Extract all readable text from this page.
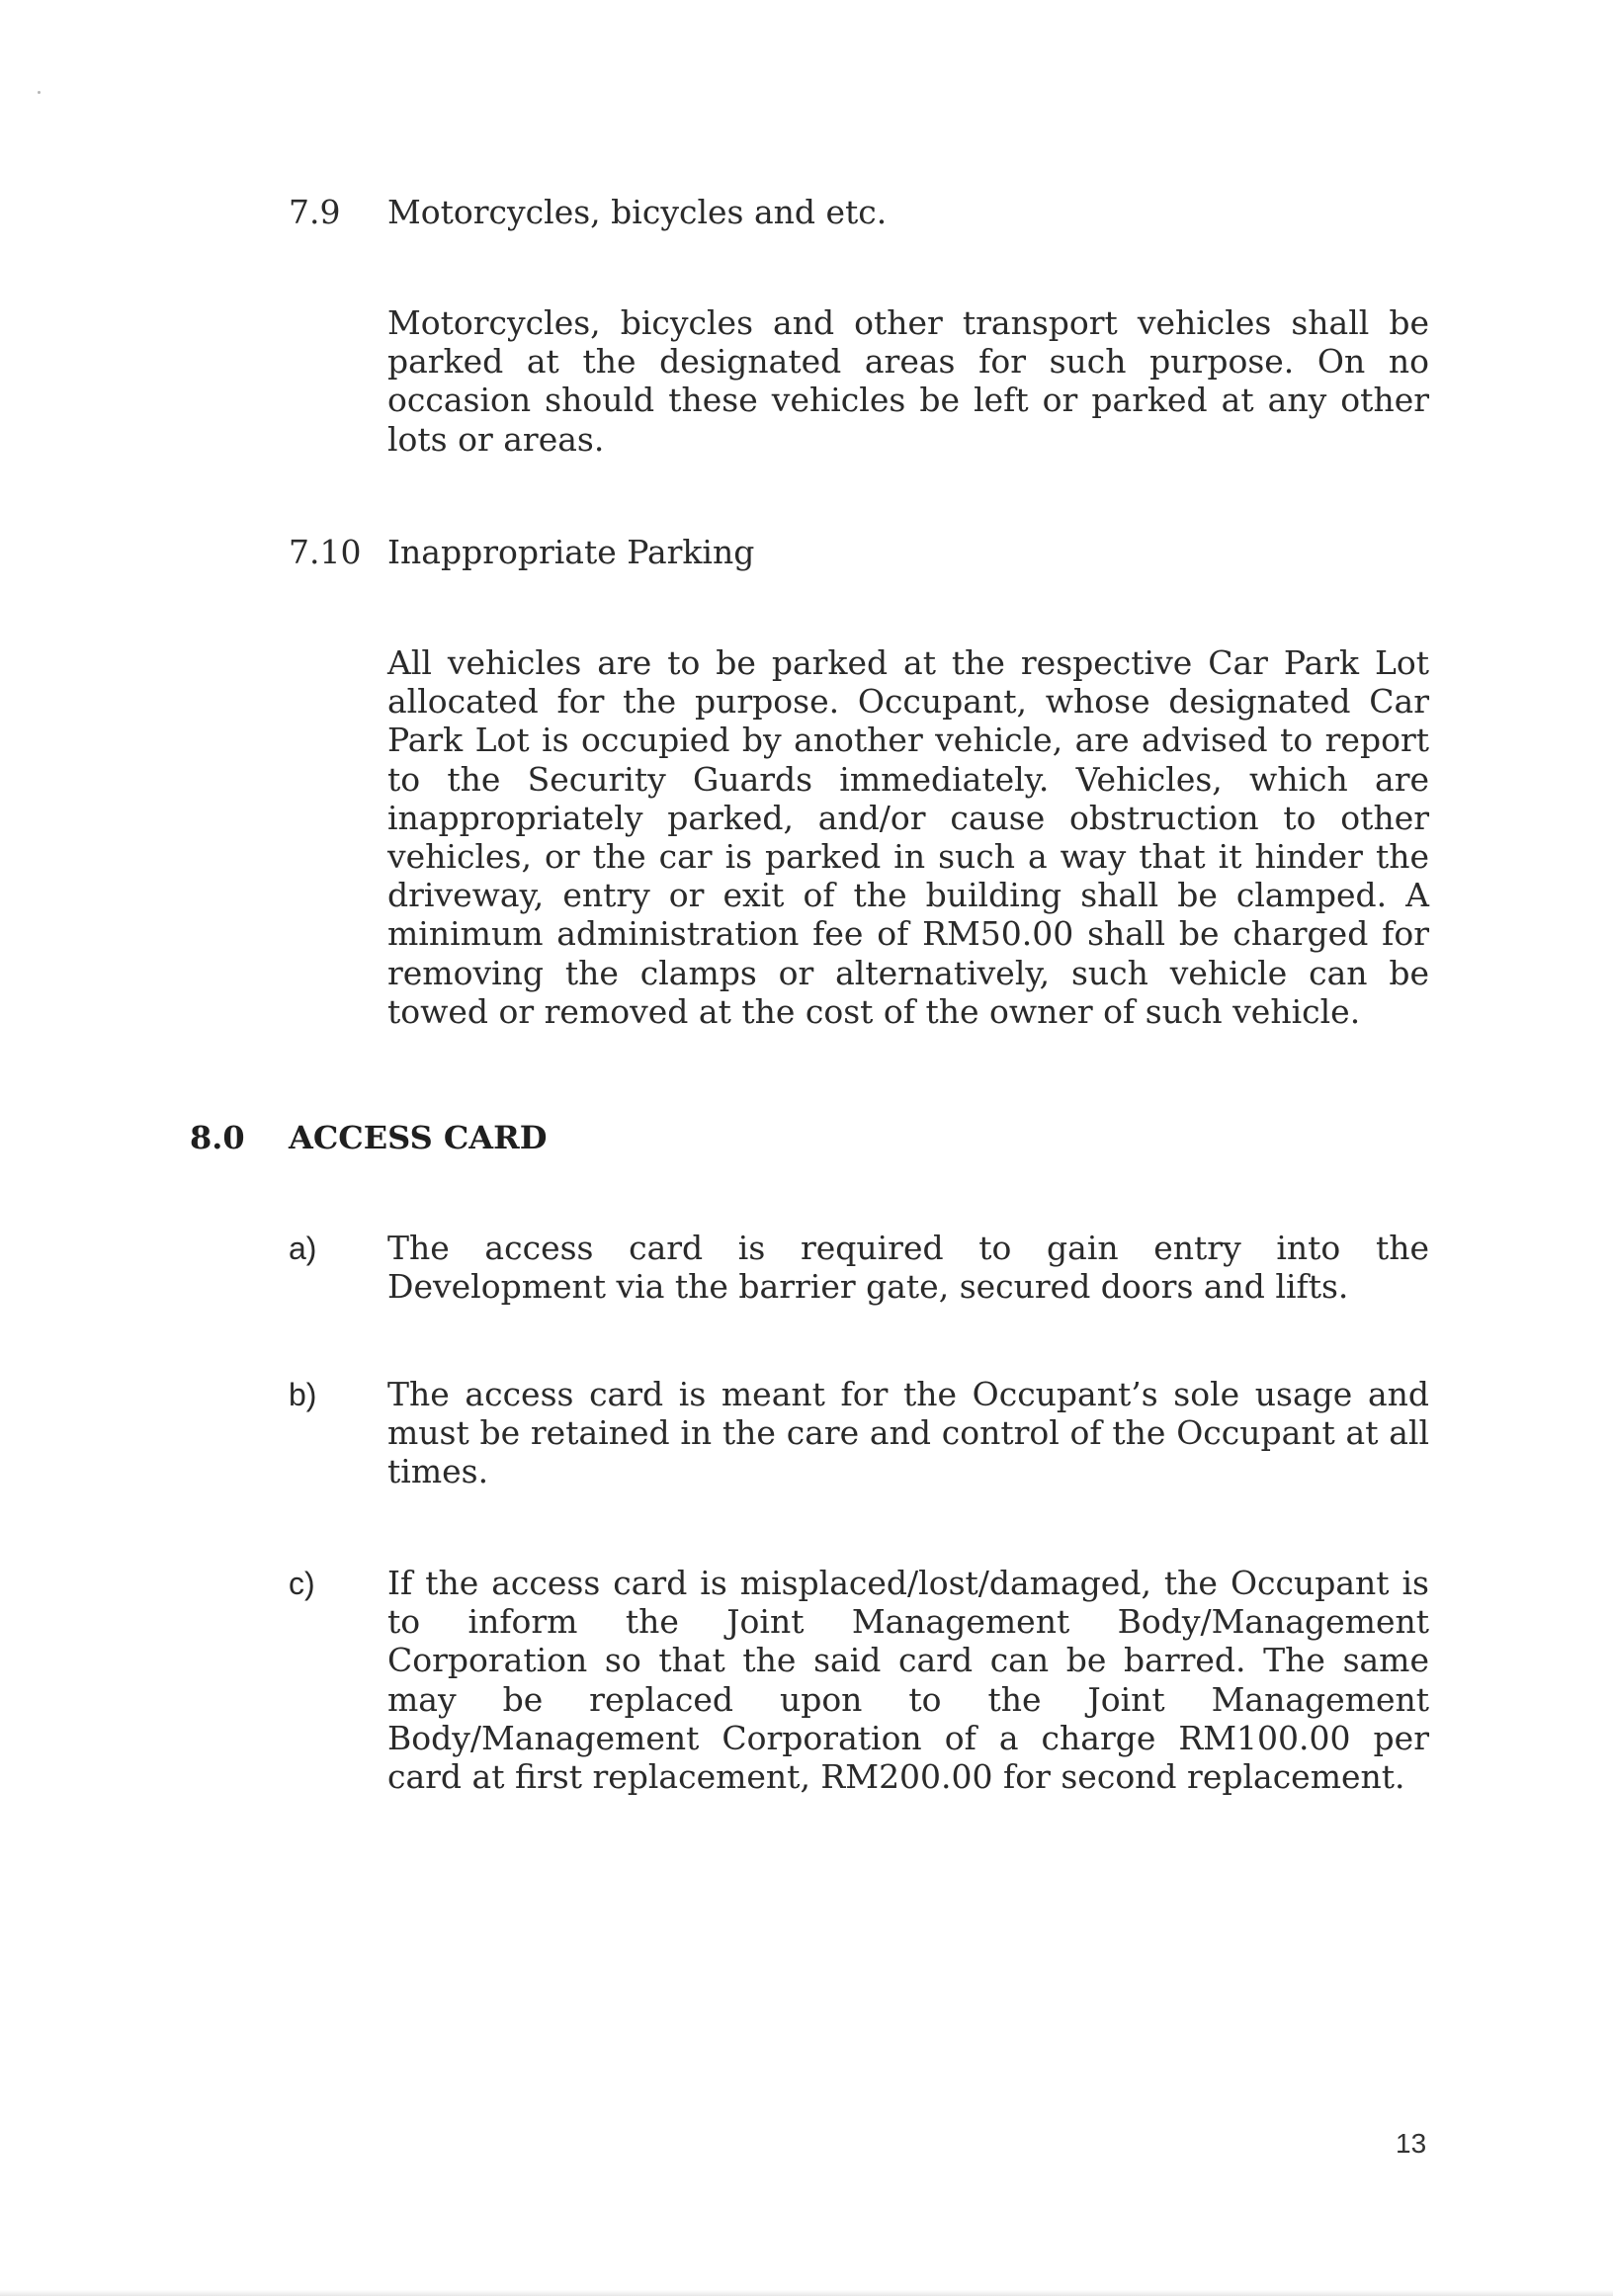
7.9 Motorcycles, bicycles and etc.
Motorcycles, bicycles and other transport vehicles shall be parked at the designated areas for such purpose. On no occasion should these vehicles be left or parked at any other lots or areas.
7.10 Inappropriate Parking
All vehicles are to be parked at the respective Car Park Lot allocated for the purpose. Occupant, whose designated Car Park Lot is occupied by another vehicle, are advised to report to the Security Guards immediately. Vehicles, which are inappropriately parked, and/or cause obstruction to other vehicles, or the car is parked in such a way that it hinder the driveway, entry or exit of the building shall be clamped. A minimum administration fee of RM50.00 shall be charged for removing the clamps or alternatively, such vehicle can be towed or removed at the cost of the owner of such vehicle.
8.0 ACCESS CARD
a) The access card is required to gain entry into the Development via the barrier gate, secured doors and lifts.
b) The access card is meant for the Occupant’s sole usage and must be retained in the care and control of the Occupant at all times.
c) If the access card is misplaced/lost/damaged, the Occupant is to inform the Joint Management Body/Management Corporation so that the said card can be barred. The same may be replaced upon to the Joint Management Body/Management Corporation of a charge RM100.00 per card at first replacement, RM200.00 for second replacement.
13
